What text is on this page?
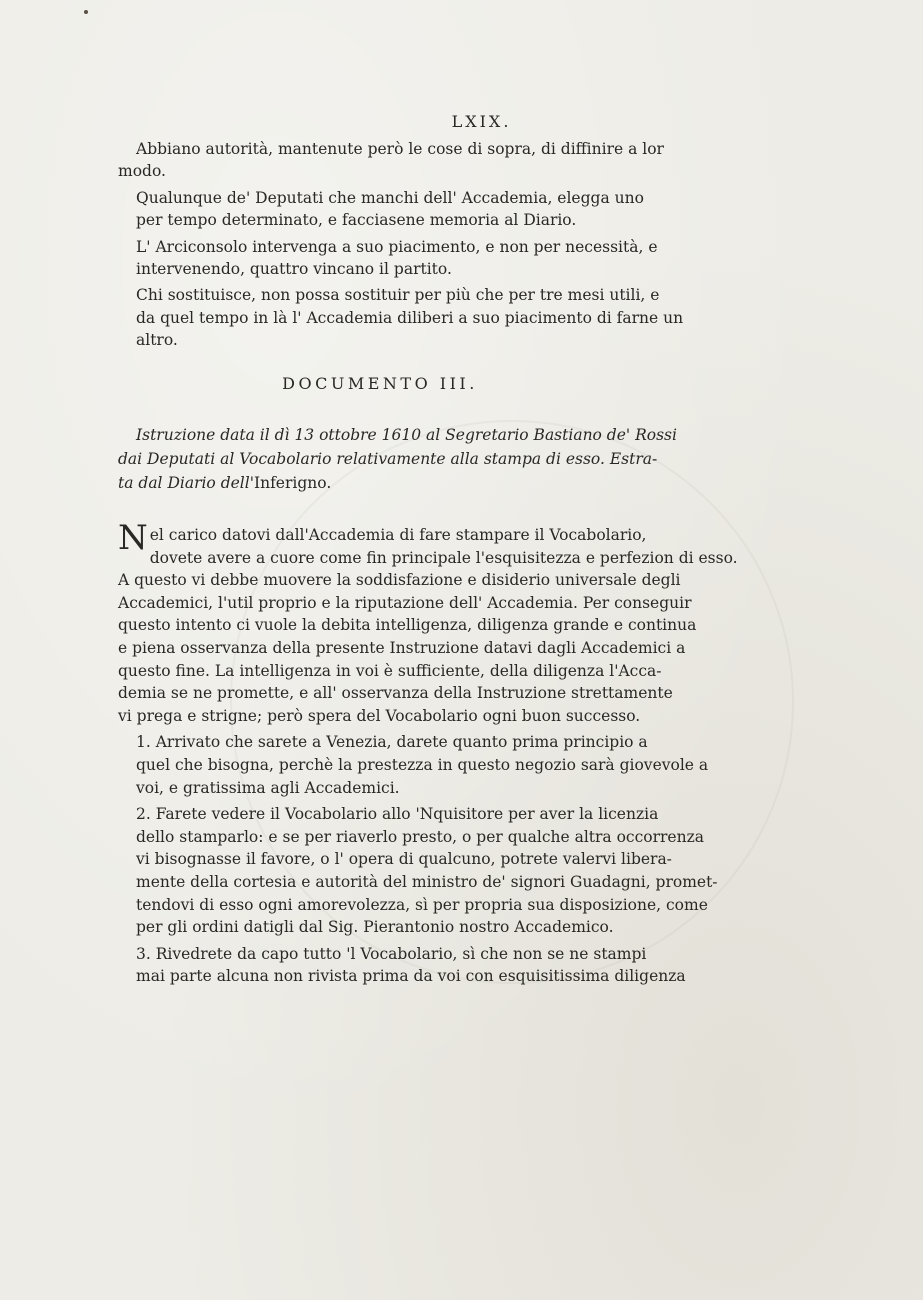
LXIX.

Abbiano autorità, mantenute però le cose di sopra, di diffinire a lor
modo.

Qualunque de' Deputati che manchi dell' Accademia, elegga uno
per tempo determinato, e facciasene memoria al Diario.

L' Arciconsolo intervenga a suo piacimento, e non per necessità, e
intervenendo, quattro vincano il partito.

Chi sostituisce, non possa sostituir per più che per tre mesi utili, e
da quel tempo in là l' Accademia diliberi a suo piacimento di farne un
altro.

DOCUMENTO III.
Istruzione data il dì 13 ottobre 1610 al Segretario Bastiano de' Rossi
dai Deputati al Vocabolario relativamente alla stampa di esso. Estra-
ta dal Diario dell'Inferigno.

N el carico datovi dall'Accademia di fare stampare il Vocabolario,
dovete avere a cuore come fin principale l'esquisitezza e perfezion di esso.
A questo vi debbe muovere la soddisfazione e disiderio universale degli
Accademici, l'util proprio e la riputazione dell' Accademia. Per conseguir
questo intento ci vuole la debita intelligenza, diligenza grande e continua
e piena osservanza della presente Instruzione datavi dagli Accademici a
questo fine. La intelligenza in voi è sufficiente, della diligenza l'Acca-
demia se ne promette, e all' osservanza della Instruzione strettamente
vi prega e strigne; però spera del Vocabolario ogni buon successo.

1. Arrivato che sarete a Venezia, darete quanto prima principio a
quel che bisogna, perchè la prestezza in questo negozio sarà giovevole a
voi, e gratissima agli Accademici.

2. Farete vedere il Vocabolario allo 'Nquisitore per aver la licenzia
dello stamparlo: e se per riaverlo presto, o per qualche altra occorrenza
vi bisognasse il favore, o l' opera di qualcuno, potrete valervi libera-
mente della cortesia e autorità del ministro de' signori Guadagni, promet-
tendovi di esso ogni amorevolezza, sì per propria sua disposizione, come
per gli ordini datigli dal Sig. Pierantonio nostro Accademico.

3. Rivedrete da capo tutto 'l Vocabolario, sì che non se ne stampi
mai parte alcuna non rivista prima da voi con esquisitissima diligenza
